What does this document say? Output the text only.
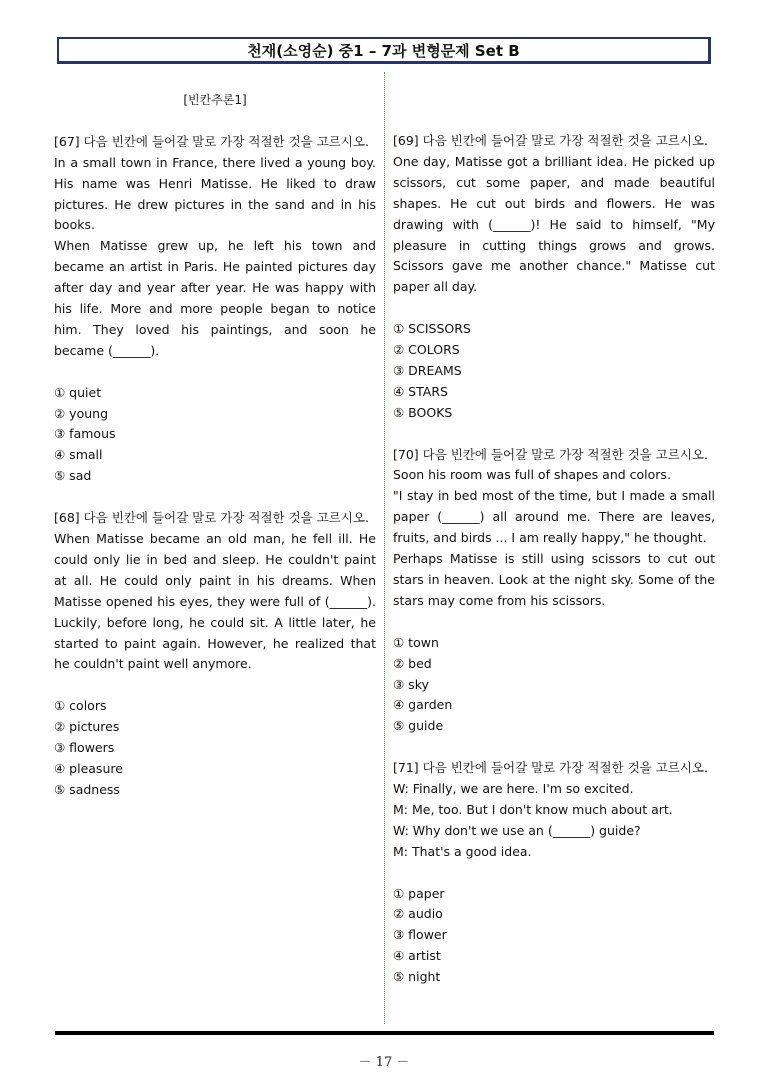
천재(소영순) 중1 – 7과 변형문제 Set B
[빈칸추론1]
[67] 다음 빈칸에 들어갈 말로 가장 적절한 것을 고르시오.

In a small town in France, there lived a young boy. His name was Henri Matisse. He liked to draw pictures. He drew pictures in the sand and in his books.

When Matisse grew up, he left his town and became an artist in Paris. He painted pictures day after day and year after year. He was happy with his life. More and more people began to notice him. They loved his paintings, and soon he became (______).

① quiet
② young
③ famous
④ small
⑤ sad
[68] 다음 빈칸에 들어갈 말로 가장 적절한 것을 고르시오.

When Matisse became an old man, he fell ill. He could only lie in bed and sleep. He couldn't paint at all. He could only paint in his dreams. When Matisse opened his eyes, they were full of (______). Luckily, before long, he could sit. A little later, he started to paint again. However, he realized that he couldn't paint well anymore.

① colors
② pictures
③ flowers
④ pleasure
⑤ sadness
[69] 다음 빈칸에 들어갈 말로 가장 적절한 것을 고르시오.

One day, Matisse got a brilliant idea. He picked up scissors, cut some paper, and made beautiful shapes. He cut out birds and flowers. He was drawing with (______)! He said to himself, "My pleasure in cutting things grows and grows. Scissors gave me another chance." Matisse cut paper all day.

① SCISSORS
② COLORS
③ DREAMS
④ STARS
⑤ BOOKS
[70] 다음 빈칸에 들어갈 말로 가장 적절한 것을 고르시오.

Soon his room was full of shapes and colors.

"I stay in bed most of the time, but I made a small paper (______) all around me. There are leaves, fruits, and birds ... I am really happy," he thought.

Perhaps Matisse is still using scissors to cut out stars in heaven. Look at the night sky. Some of the stars may come from his scissors.

① town
② bed
③ sky
④ garden
⑤ guide
[71] 다음 빈칸에 들어갈 말로 가장 적절한 것을 고르시오.

W: Finally, we are here. I'm so excited.

M: Me, too. But I don't know much about art.

W: Why don't we use an (______) guide?

M: That's a good idea.

① paper
② audio
③ flower
④ artist
⑤ night
－ 17 －
